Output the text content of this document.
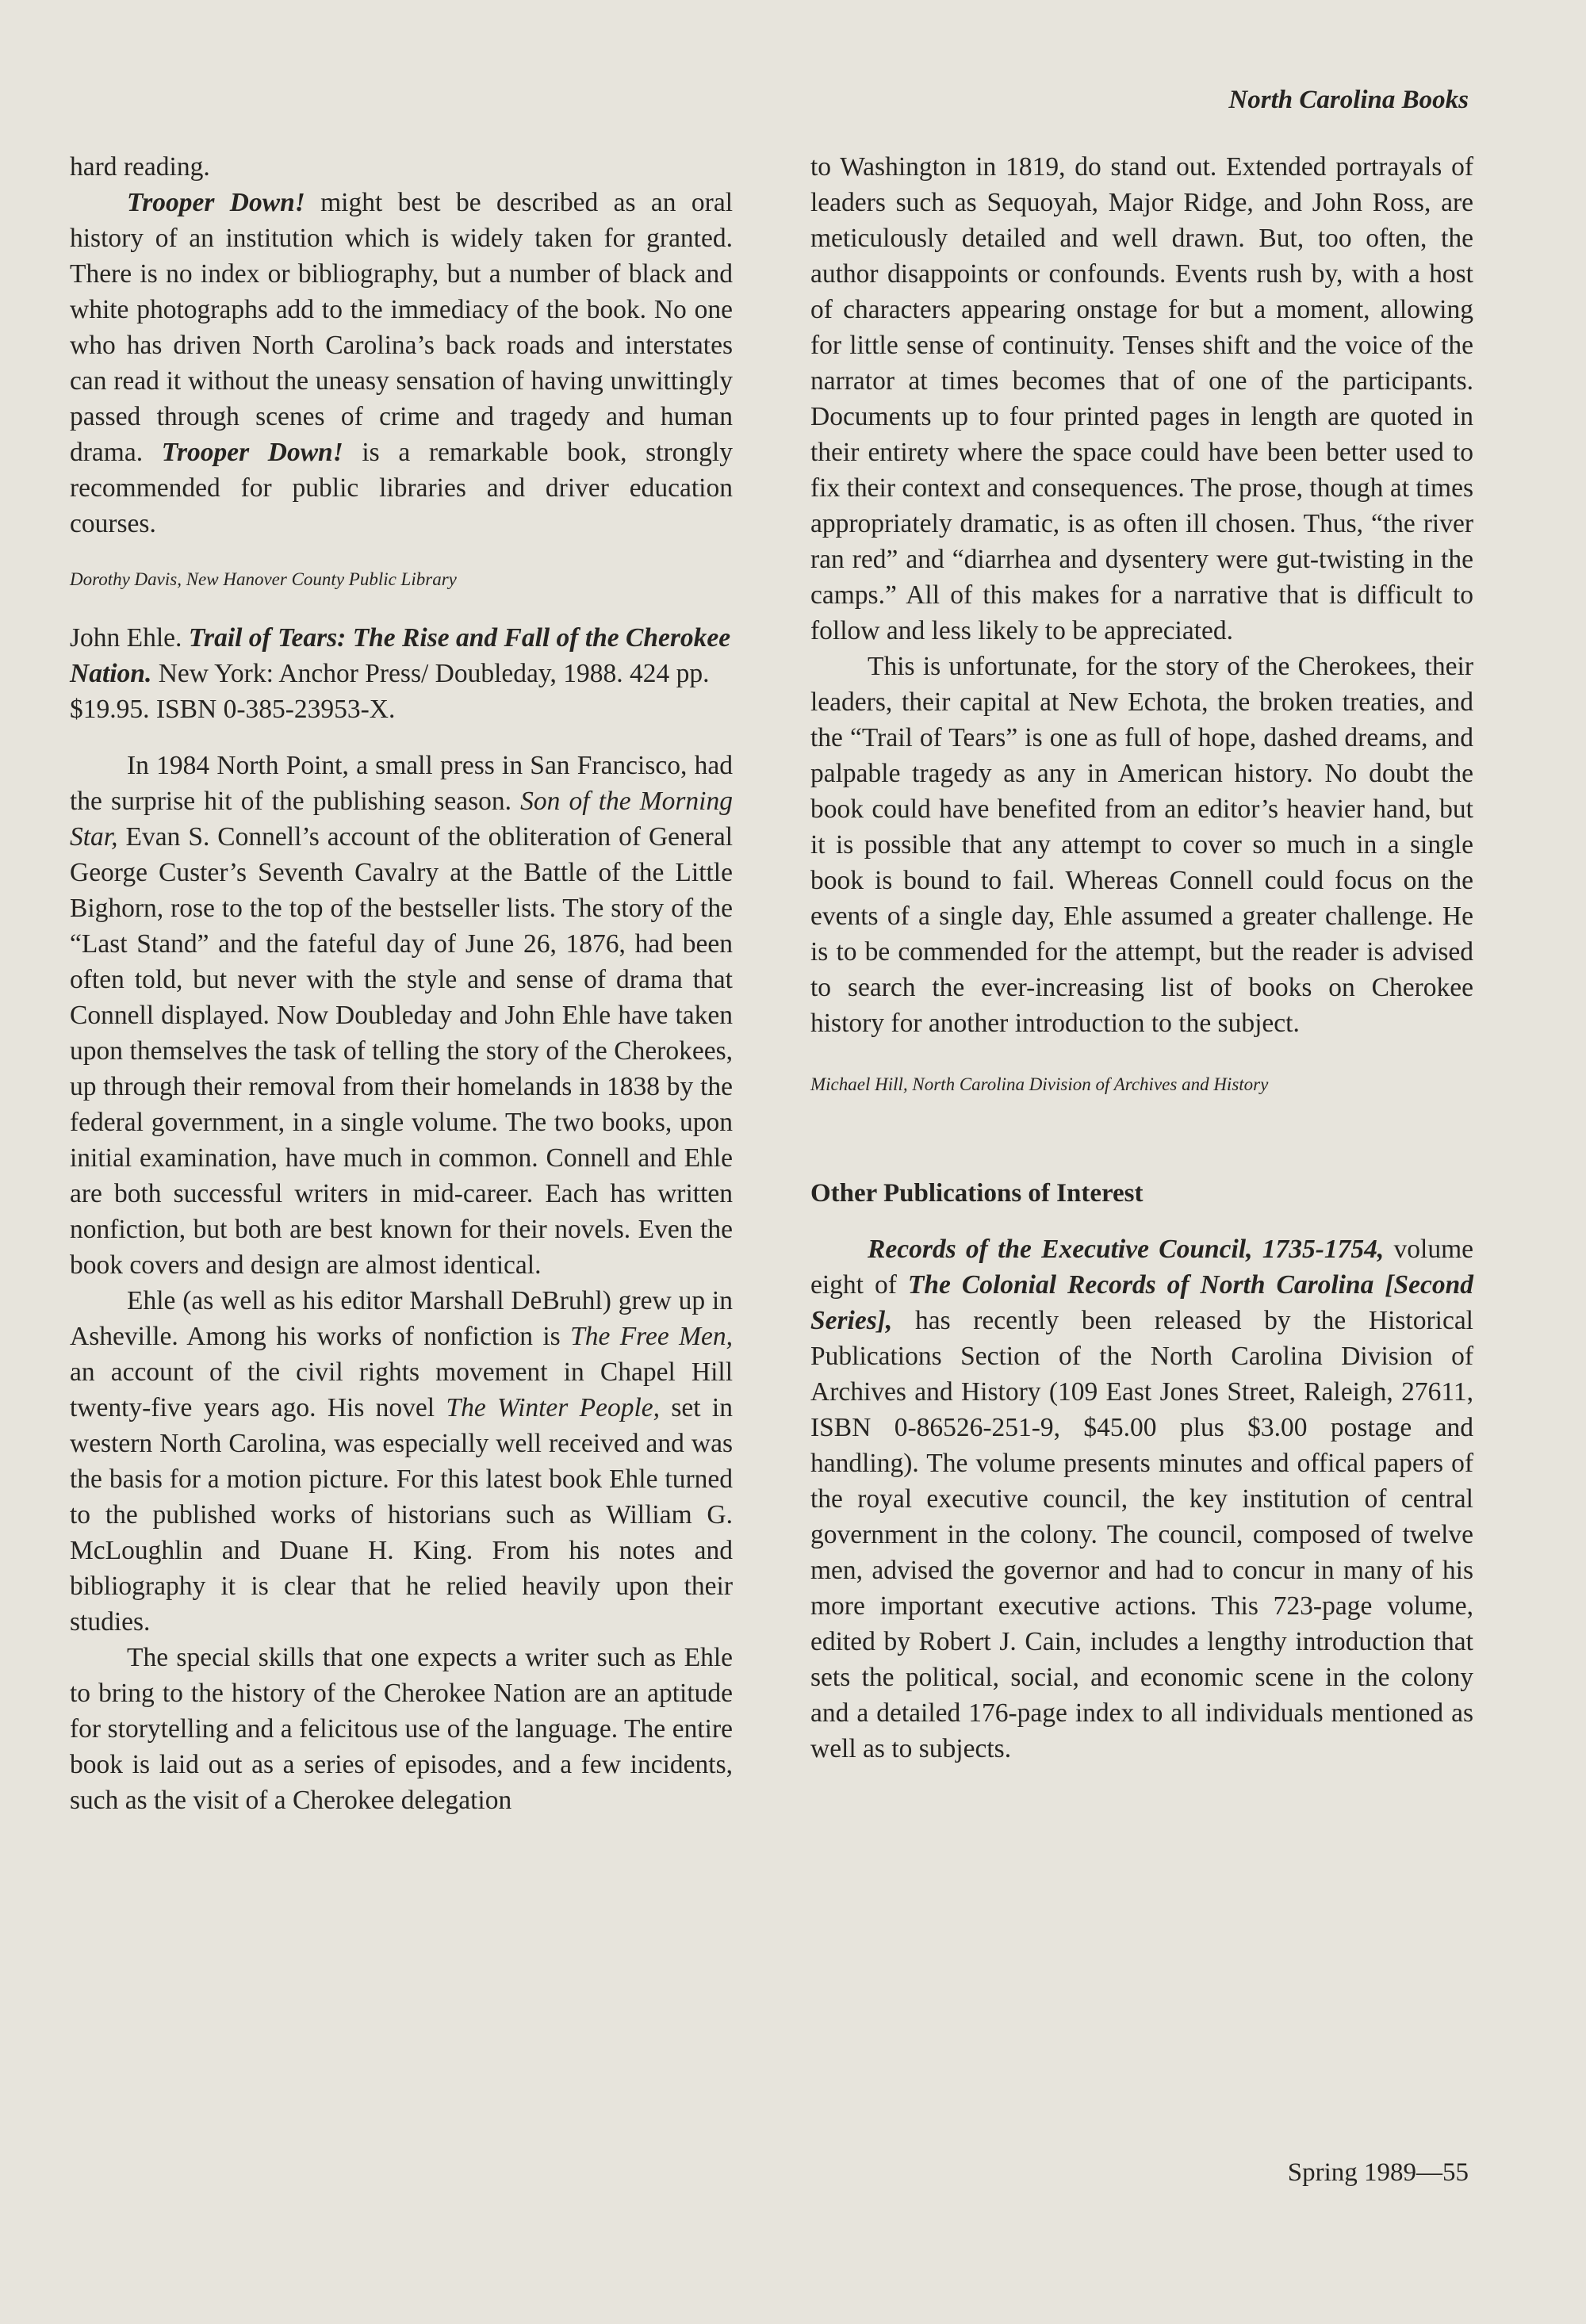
North Carolina Books

hard reading.

Trooper Down! might best be described as an oral history of an institution which is widely taken for granted. There is no index or bibliography, but a number of black and white photographs add to the immediacy of the book. No one who has driven North Carolina’s back roads and interstates can read it without the uneasy sensation of having unwittingly passed through scenes of crime and tragedy and human drama. Trooper Down! is a remarkable book, strongly recommended for public libraries and driver education courses.

Dorothy Davis, New Hanover County Public Library

John Ehle. Trail of Tears: The Rise and Fall of the Cherokee Nation. New York: Anchor Press/ Doubleday, 1988. 424 pp. $19.95. ISBN 0-385-23953-X.

In 1984 North Point, a small press in San Francisco, had the surprise hit of the publishing season. Son of the Morning Star, Evan S. Connell’s account of the obliteration of General George Custer’s Seventh Cavalry at the Battle of the Little Bighorn, rose to the top of the bestseller lists. The story of the “Last Stand” and the fateful day of June 26, 1876, had been often told, but never with the style and sense of drama that Connell displayed. Now Doubleday and John Ehle have taken upon themselves the task of telling the story of the Cherokees, up through their removal from their homelands in 1838 by the federal government, in a single volume. The two books, upon initial examination, have much in common. Connell and Ehle are both successful writers in mid-career. Each has written nonfiction, but both are best known for their novels. Even the book covers and design are almost identical.

Ehle (as well as his editor Marshall DeBruhl) grew up in Asheville. Among his works of nonfiction is The Free Men, an account of the civil rights movement in Chapel Hill twenty-five years ago. His novel The Winter People, set in western North Carolina, was especially well received and was the basis for a motion picture. For this latest book Ehle turned to the published works of historians such as William G. McLoughlin and Duane H. King. From his notes and bibliography it is clear that he relied heavily upon their studies.

The special skills that one expects a writer such as Ehle to bring to the history of the Cherokee Nation are an aptitude for storytelling and a felicitous use of the language. The entire book is laid out as a series of episodes, and a few incidents, such as the visit of a Cherokee delegation

to Washington in 1819, do stand out. Extended portrayals of leaders such as Sequoyah, Major Ridge, and John Ross, are meticulously detailed and well drawn. But, too often, the author disappoints or confounds. Events rush by, with a host of characters appearing onstage for but a moment, allowing for little sense of continuity. Tenses shift and the voice of the narrator at times becomes that of one of the participants. Documents up to four printed pages in length are quoted in their entirety where the space could have been better used to fix their context and consequences. The prose, though at times appropriately dramatic, is as often ill chosen. Thus, “the river ran red” and “diarrhea and dysentery were gut-twisting in the camps.” All of this makes for a narrative that is difficult to follow and less likely to be appreciated.

This is unfortunate, for the story of the Cherokees, their leaders, their capital at New Echota, the broken treaties, and the “Trail of Tears” is one as full of hope, dashed dreams, and palpable tragedy as any in American history. No doubt the book could have benefited from an editor’s heavier hand, but it is possible that any attempt to cover so much in a single book is bound to fail. Whereas Connell could focus on the events of a single day, Ehle assumed a greater challenge. He is to be commended for the attempt, but the reader is advised to search the ever-increasing list of books on Cherokee history for another introduction to the subject.

Michael Hill, North Carolina Division of Archives and History

Other Publications of Interest

Records of the Executive Council, 1735-1754, volume eight of The Colonial Records of North Carolina [Second Series], has recently been released by the Historical Publications Section of the North Carolina Division of Archives and History (109 East Jones Street, Raleigh, 27611, ISBN 0-86526-251-9, $45.00 plus $3.00 postage and handling). The volume presents minutes and offical papers of the royal executive council, the key institution of central government in the colony. The council, composed of twelve men, advised the governor and had to concur in many of his more important executive actions. This 723-page volume, edited by Robert J. Cain, includes a lengthy introduction that sets the political, social, and economic scene in the colony and a detailed 176-page index to all individuals mentioned as well as to subjects.

Spring 1989—55
